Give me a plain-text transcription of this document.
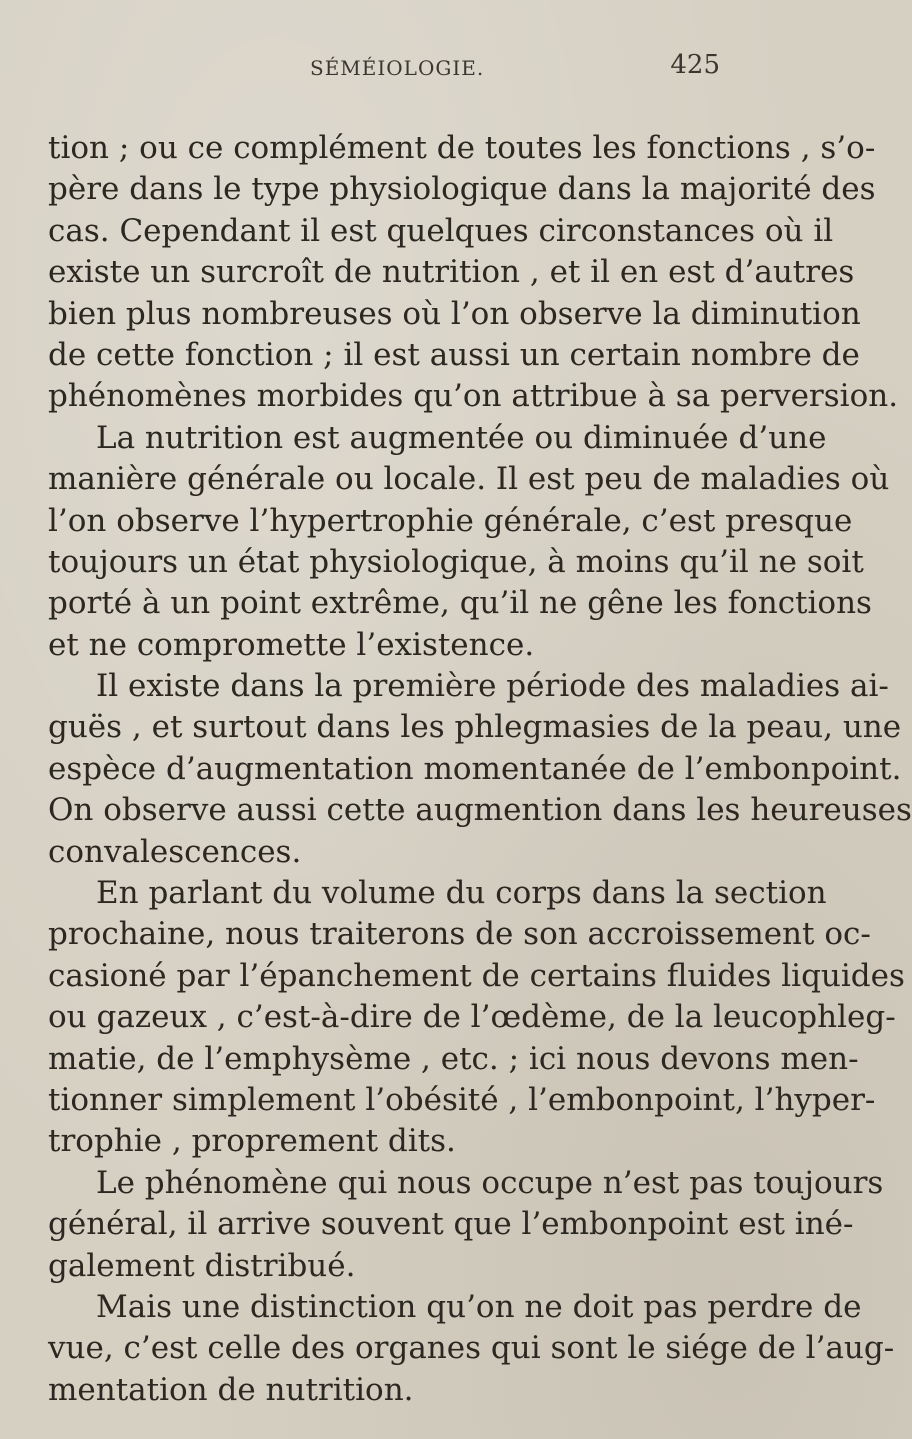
SÉMÉIOLOGIE.	425
tion ; ou ce complément de toutes les fonctions , s’o-
père dans le type physiologique dans la majorité des
cas. Cependant il est quelques circonstances où il
existe un surcroît de nutrition , et il en est d’autres
bien plus nombreuses où l’on observe la diminution
de cette fonction ; il est aussi un certain nombre de
phénomènes morbides qu’on attribue à sa perversion.
La nutrition est augmentée ou diminuée d’une
manière générale ou locale. Il est peu de maladies où
l’on observe l’hypertrophie générale, c’est presque
toujours un état physiologique, à moins qu’il ne soit
porté à un point extrême, qu’il ne gêne les fonctions
et ne compromette l’existence.
Il existe dans la première période des maladies ai-
guës , et surtout dans les phlegmasies de la peau, une
espèce d’augmentation momentanée de l’embonpoint.
On observe aussi cette augmention dans les heureuses
convalescences.
En parlant du volume du corps dans la section
prochaine, nous traiterons de son accroissement oc-
casioné par l’épanchement de certains fluides liquides
ou gazeux , c’est-à-dire de l’œdème, de la leucophleg-
matie, de l’emphysème , etc. ; ici nous devons men-
tionner simplement l’obésité , l’embonpoint, l’hyper-
trophie , proprement dits.
Le phénomène qui nous occupe n’est pas toujours
général, il arrive souvent que l’embonpoint est iné-
galement distribué.
Mais une distinction qu’on ne doit pas perdre de
vue, c’est celle des organes qui sont le siége de l’aug-
mentation de nutrition.
